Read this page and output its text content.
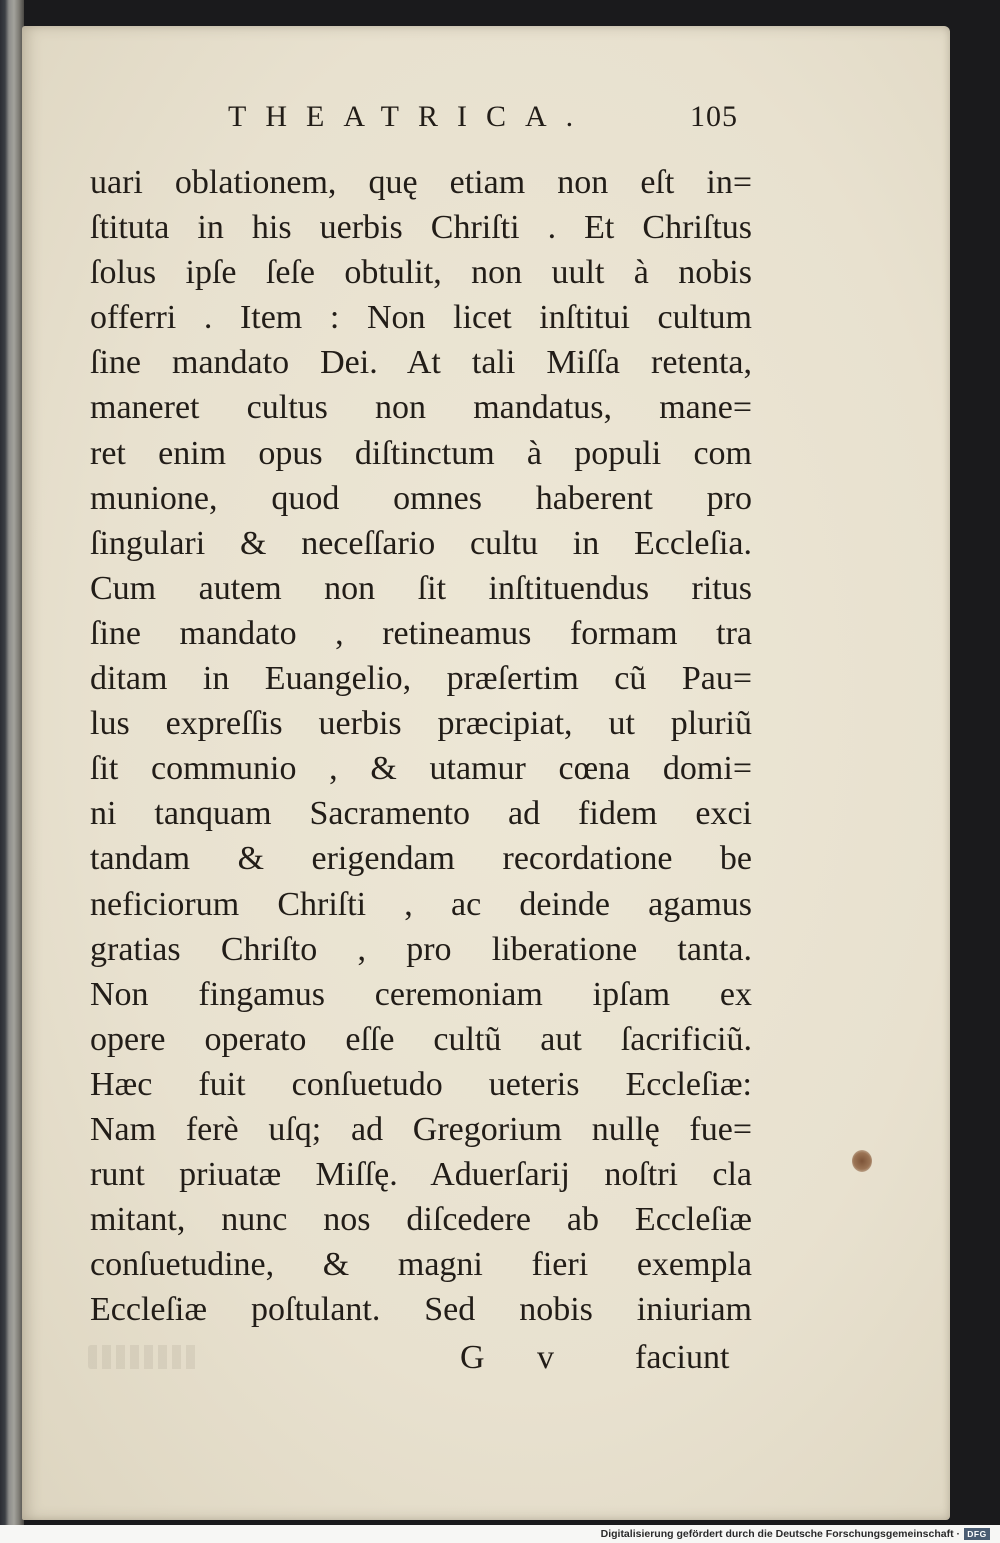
THEATRICA.	105
uari oblationem, quę etiam non eſt in=
ſtituta in his uerbis Chriſti . Et Chriſtus
ſolus ipſe ſeſe obtulit, non uult à nobis
offerri . Item : Non licet inſtitui cultum
ſine mandato Dei. At tali Miſſa retenta,
maneret cultus non mandatus, mane=
ret enim opus diſtinctum à populi com
munione, quod omnes haberent pro
ſingulari & neceſſario cultu in Eccleſia.
Cum autem non ſit inſtituendus ritus
ſine mandato , retineamus formam tra
ditam in Euangelio, præſertim cũ Pau=
lus expreſſis uerbis præcipiat, ut pluriũ
ſit communio , & utamur cœna domi=
ni tanquam Sacramento ad fidem exci
tandam & erigendam recordatione be
neficiorum Chriſti , ac deinde agamus
gratias Chriſto , pro liberatione tanta.
Non fingamus ceremoniam ipſam ex
opere operato eſſe cultũ aut ſacrificiũ.
Hæc fuit conſuetudo ueteris Eccleſiæ:
Nam ferè uſq; ad Gregorium nullę fue=
runt priuatæ Miſſę. Aduerſarij noſtri cla
mitant, nunc nos diſcedere ab Eccleſiæ
conſuetudine, & magni fieri exempla
Eccleſiæ poſtulant. Sed nobis iniuriam
G v faciunt
Digitalisierung gefördert durch die Deutsche Forschungsgemeinschaft · DFG
